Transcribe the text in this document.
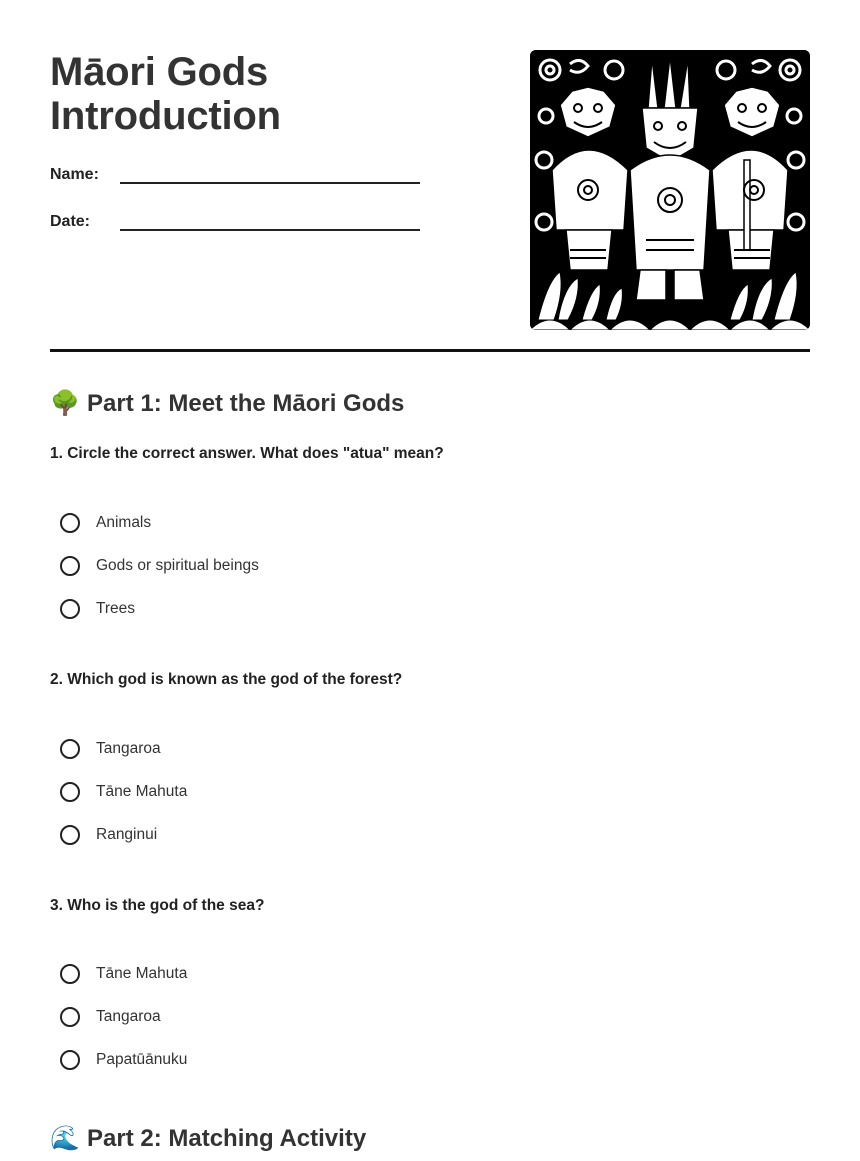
Māori Gods
Introduction
Name:
Date:
🌳 Part 1: Meet the Māori Gods

1. Circle the correct answer. What does "atua" mean?

Animals
Gods or spiritual beings
Trees

2. Which god is known as the god of the forest?

Tangaroa
Tāne Mahuta
Ranginui

3. Who is the god of the sea?

Tāne Mahuta
Tangaroa
Papatūānuku
🌊 Part 2: Matching Activity
